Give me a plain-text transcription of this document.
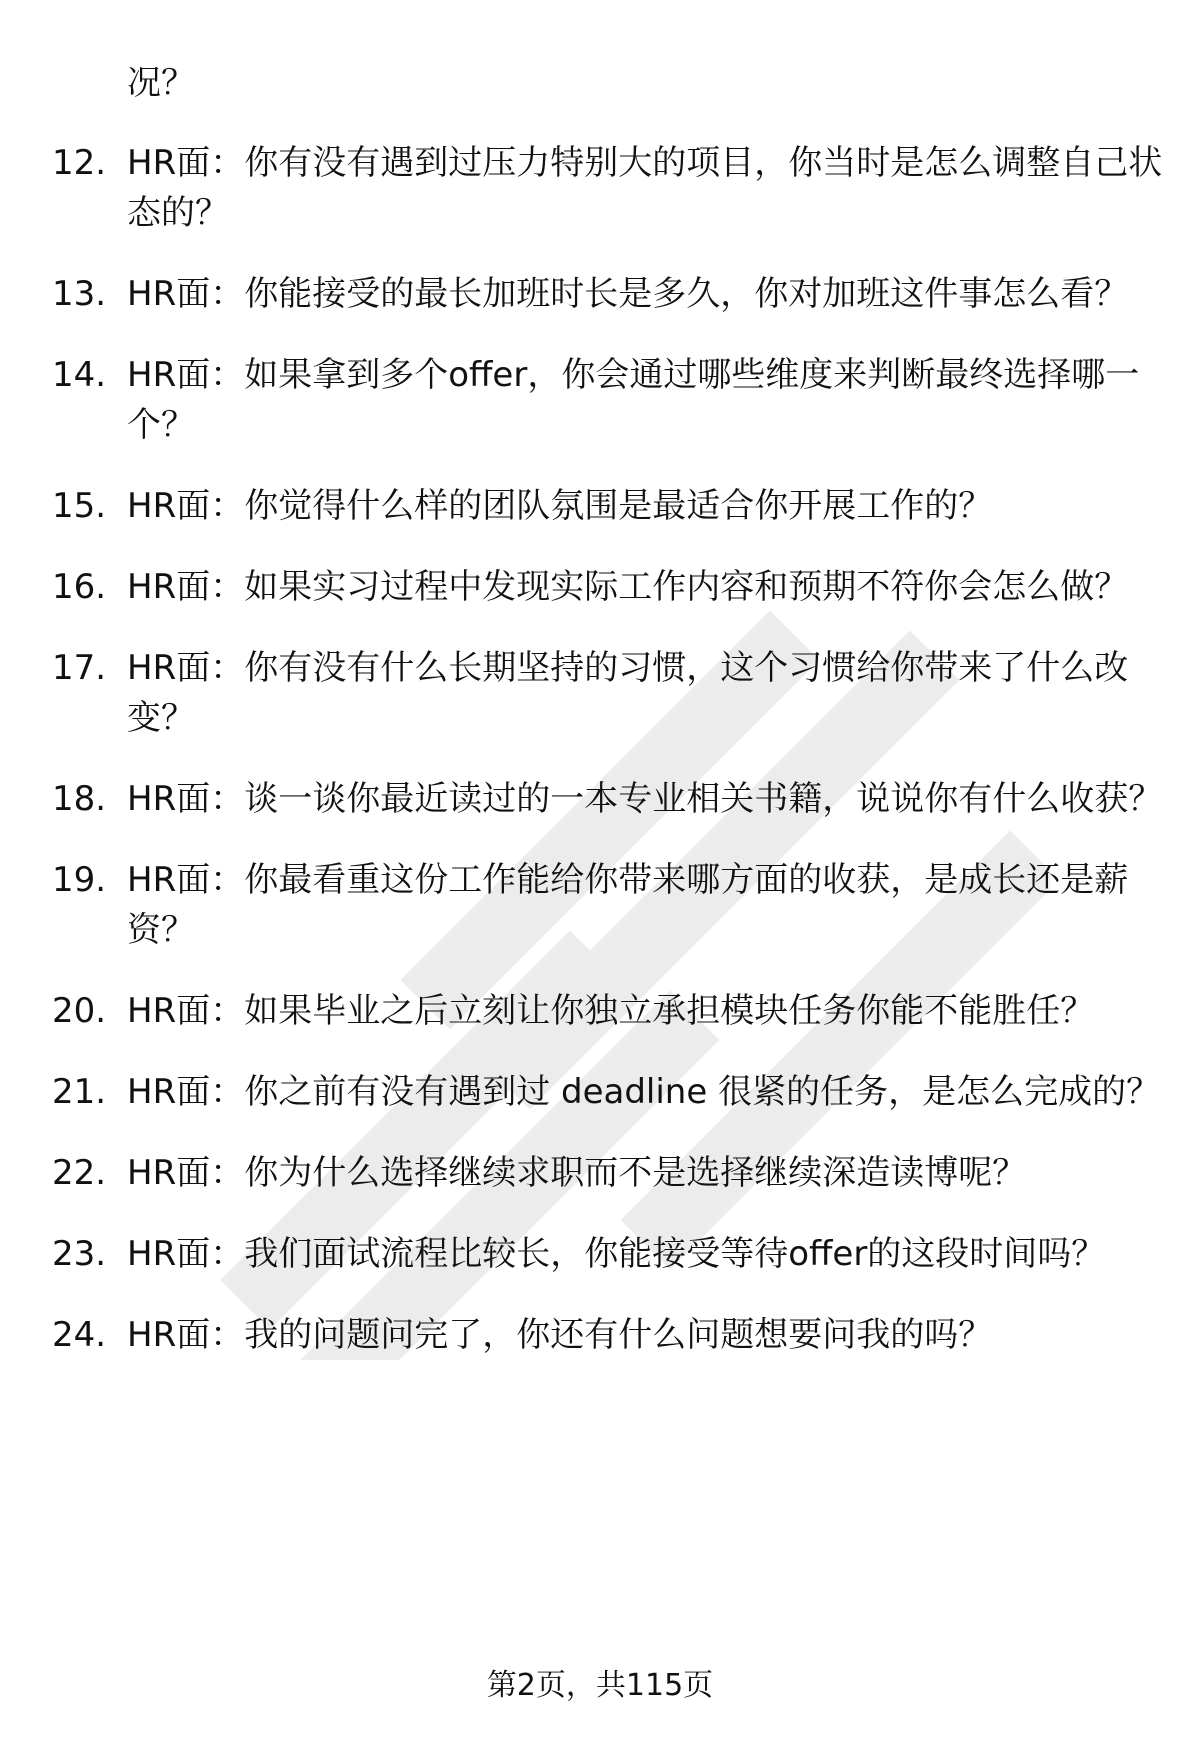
况？

12. HR面：你有没有遇到过压力特别大的项目，你当时是怎么调整自己状态的？
13. HR面：你能接受的最长加班时长是多久，你对加班这件事怎么看？
14. HR面：如果拿到多个offer，你会通过哪些维度来判断最终选择哪一个？
15. HR面：你觉得什么样的团队氛围是最适合你开展工作的？
16. HR面：如果实习过程中发现实际工作内容和预期不符你会怎么做？
17. HR面：你有没有什么长期坚持的习惯，这个习惯给你带来了什么改变？
18. HR面：谈一谈你最近读过的一本专业相关书籍，说说你有什么收获？
19. HR面：你最看重这份工作能给你带来哪方面的收获，是成长还是薪资？
20. HR面：如果毕业之后立刻让你独立承担模块任务你能不能胜任？
21. HR面：你之前有没有遇到过 deadline 很紧的任务，是怎么完成的？
22. HR面：你为什么选择继续求职而不是选择继续深造读博呢？
23. HR面：我们面试流程比较长，你能接受等待offer的这段时间吗？
24. HR面：我的问题问完了，你还有什么问题想要问我的吗？
第2页，共115页
